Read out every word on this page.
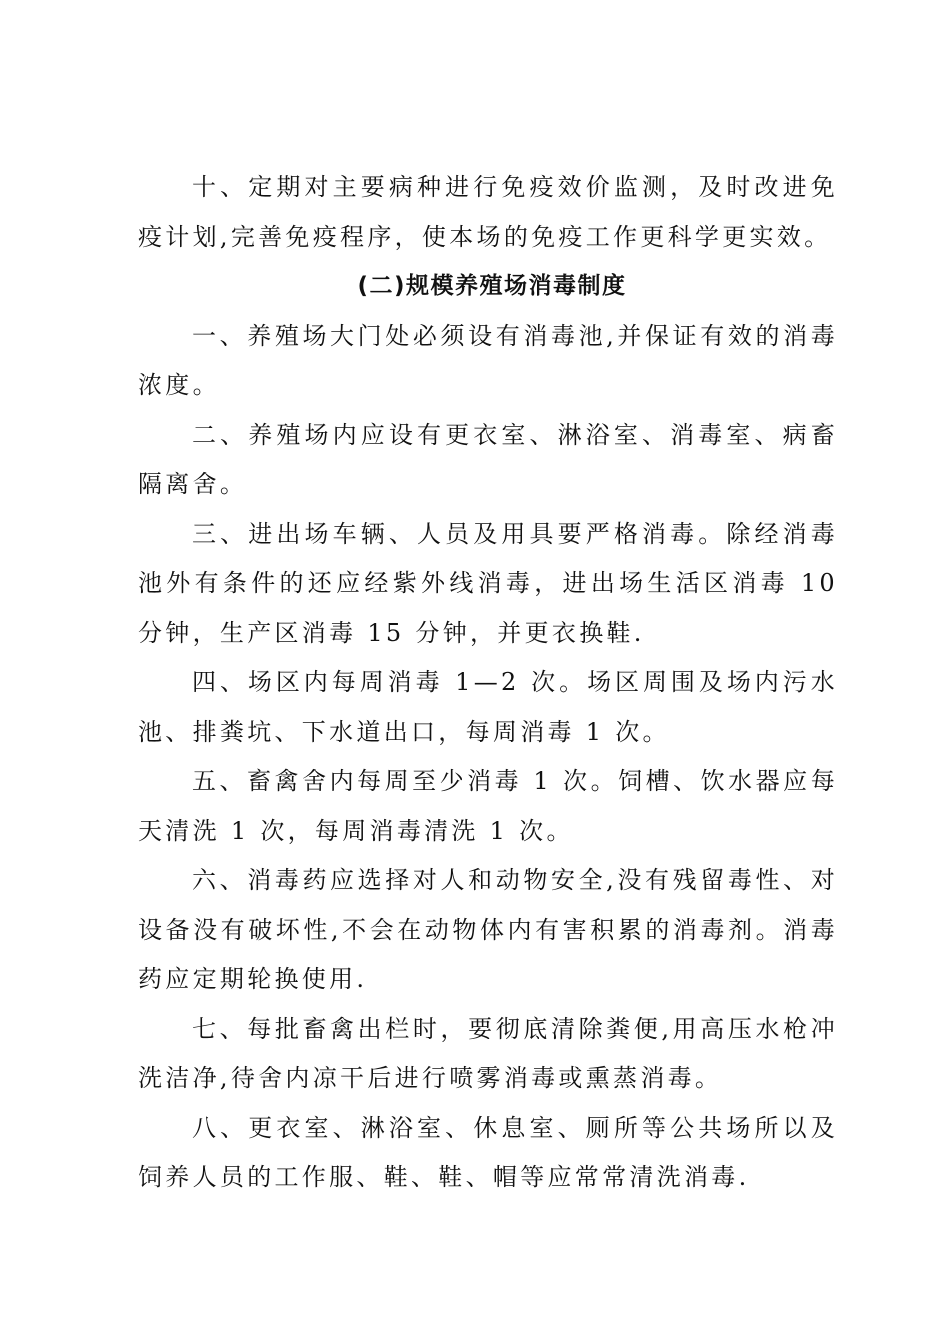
十、定期对主要病种进行免疫效价监测，及时改进免疫计划,完善免疫程序，使本场的免疫工作更科学更实效。

(二)规模养殖场消毒制度

一、养殖场大门处必须设有消毒池,并保证有效的消毒浓度。

二、养殖场内应设有更衣室、淋浴室、消毒室、病畜隔离舍。

三、进出场车辆、人员及用具要严格消毒。除经消毒池外有条件的还应经紫外线消毒，进出场生活区消毒 10 分钟，生产区消毒 15 分钟，并更衣换鞋.

四、场区内每周消毒 1—2 次。场区周围及场内污水池、排粪坑、下水道出口，每周消毒 1 次。

五、畜禽舍内每周至少消毒 1 次。饲槽、饮水器应每天清洗 1 次，每周消毒清洗 1 次。

六、消毒药应选择对人和动物安全,没有残留毒性、对设备没有破坏性,不会在动物体内有害积累的消毒剂。消毒药应定期轮换使用.

七、每批畜禽出栏时，要彻底清除粪便,用高压水枪冲洗洁净,待舍内凉干后进行喷雾消毒或熏蒸消毒。

八、更衣室、淋浴室、休息室、厕所等公共场所以及饲养人员的工作服、鞋、鞋、帽等应常常清洗消毒.
